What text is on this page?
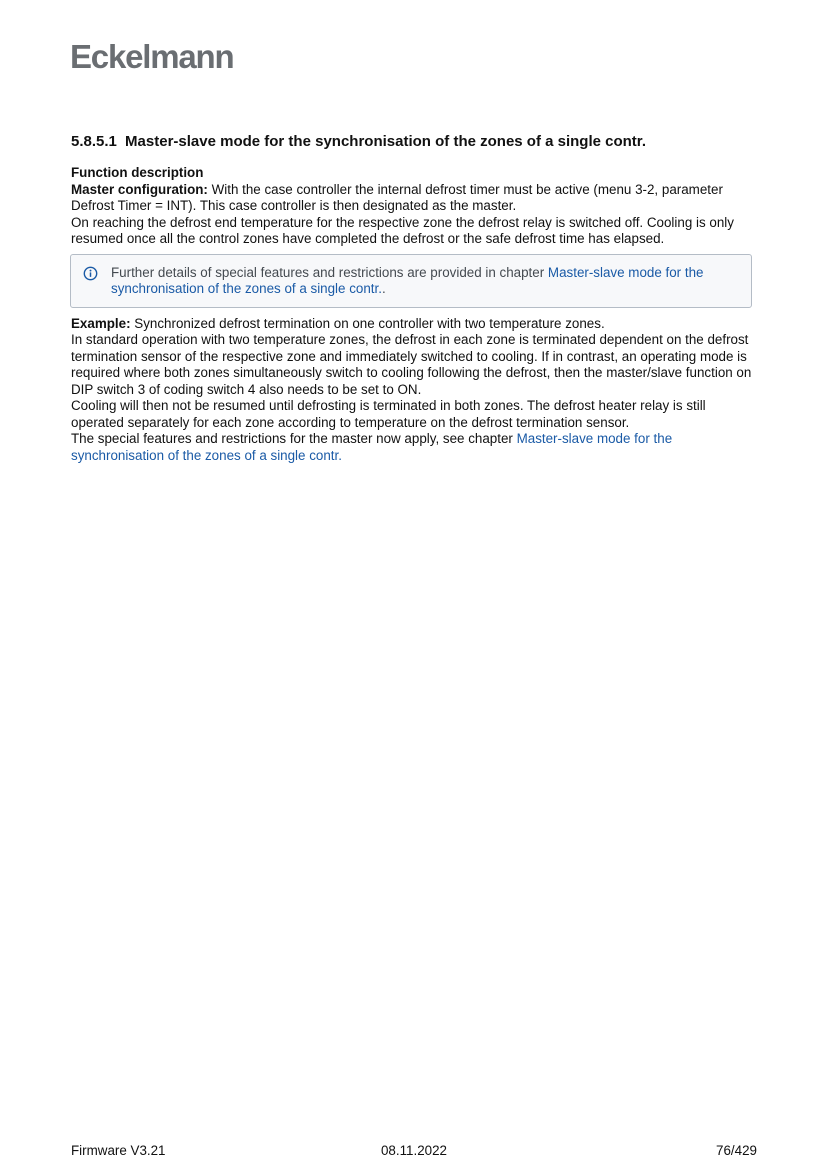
Eckelmann
5.8.5.1 Master-slave mode for the synchronisation of the zones of a single contr.
Function description

Master configuration: With the case controller the internal defrost timer must be active (menu 3-2, parameter Defrost Timer = INT). This case controller is then designated as the master.

On reaching the defrost end temperature for the respective zone the defrost relay is switched off. Cooling is only resumed once all the control zones have completed the defrost or the safe defrost time has elapsed.

Further details of special features and restrictions are provided in chapter Master-slave mode for the synchronisation of the zones of a single contr..

Example: Synchronized defrost termination on one controller with two temperature zones.

In standard operation with two temperature zones, the defrost in each zone is terminated dependent on the defrost termination sensor of the respective zone and immediately switched to cooling. If in contrast, an operating mode is required where both zones simultaneously switch to cooling following the defrost, then the master/slave function on DIP switch 3 of coding switch 4 also needs to be set to ON.

Cooling will then not be resumed until defrosting is terminated in both zones. The defrost heater relay is still operated separately for each zone according to temperature on the defrost termination sensor.

The special features and restrictions for the master now apply, see chapter Master-slave mode for the synchronisation of the zones of a single contr.

Firmware V3.21	08.11.2022	76/429
